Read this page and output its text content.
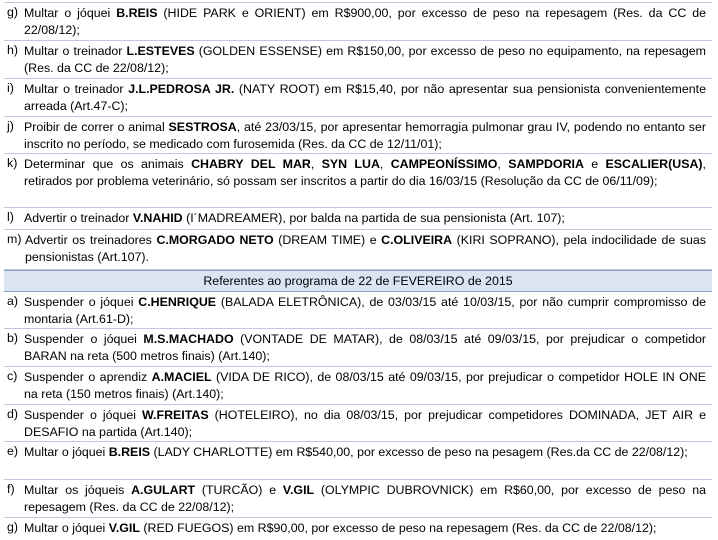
g) Multar o jóquei B.REIS (HIDE PARK e ORIENT) em R$900,00, por excesso de peso na repesagem (Res. da CC de 22/08/12);
h) Multar o treinador L.ESTEVES (GOLDEN ESSENSE) em R$150,00, por excesso de peso no equipamento, na repesagem (Res. da CC de 22/08/12);
i) Multar o treinador J.L.PEDROSA JR. (NATY ROOT) em R$15,40, por não apresentar sua pensionista convenientemente arreada (Art.47-C);
j) Proibir de correr o animal SESTROSA, até 23/03/15, por apresentar hemorragia pulmonar grau IV, podendo no entanto ser inscrito no período, se medicado com furosemida (Res. da CC de 12/11/01);
k) Determinar que os animais CHABRY DEL MAR, SYN LUA, CAMPEONÍSSIMO, SAMPDORIA e ESCALIER(USA), retirados por problema veterinário, só possam ser inscritos a partir do dia 16/03/15 (Resolução da CC de 06/11/09);
l) Advertir o treinador V.NAHID (I´MADREAMER), por balda na partida de sua pensionista (Art. 107);
m) Advertir os treinadores C.MORGADO NETO (DREAM TIME) e C.OLIVEIRA (KIRI SOPRANO), pela indocilidade de suas pensionistas (Art.107).
Referentes ao programa de 22 de FEVEREIRO de 2015
a) Suspender o jóquei C.HENRIQUE (BALADA ELETRÔNICA), de 03/03/15 até 10/03/15, por não cumprir compromisso de montaria (Art.61-D);
b) Suspender o jóquei M.S.MACHADO (VONTADE DE MATAR), de 08/03/15 até 09/03/15, por prejudicar o competidor BARAN na reta (500 metros finais) (Art.140);
c) Suspender o aprendiz A.MACIEL (VIDA DE RICO), de 08/03/15 até 09/03/15, por prejudicar o competidor HOLE IN ONE na reta (150 metros finais) (Art.140);
d) Suspender o jóquei W.FREITAS (HOTELEIRO), no dia 08/03/15, por prejudicar competidores DOMINADA, JET AIR e DESAFIO na partida (Art.140);
e) Multar o jóquei B.REIS (LADY CHARLOTTE) em R$540,00, por excesso de peso na pesagem (Res.da CC de 22/08/12);
f) Multar os jóqueis A.GULART (TURCÃO) e V.GIL (OLYMPIC DUBROVNICK) em R$60,00, por excesso de peso na repesagem (Res. da CC de 22/08/12);
g) Multar o jóquei V.GIL (RED FUEGOS) em R$90,00, por excesso de peso na repesagem (Res. da CC de 22/08/12);
